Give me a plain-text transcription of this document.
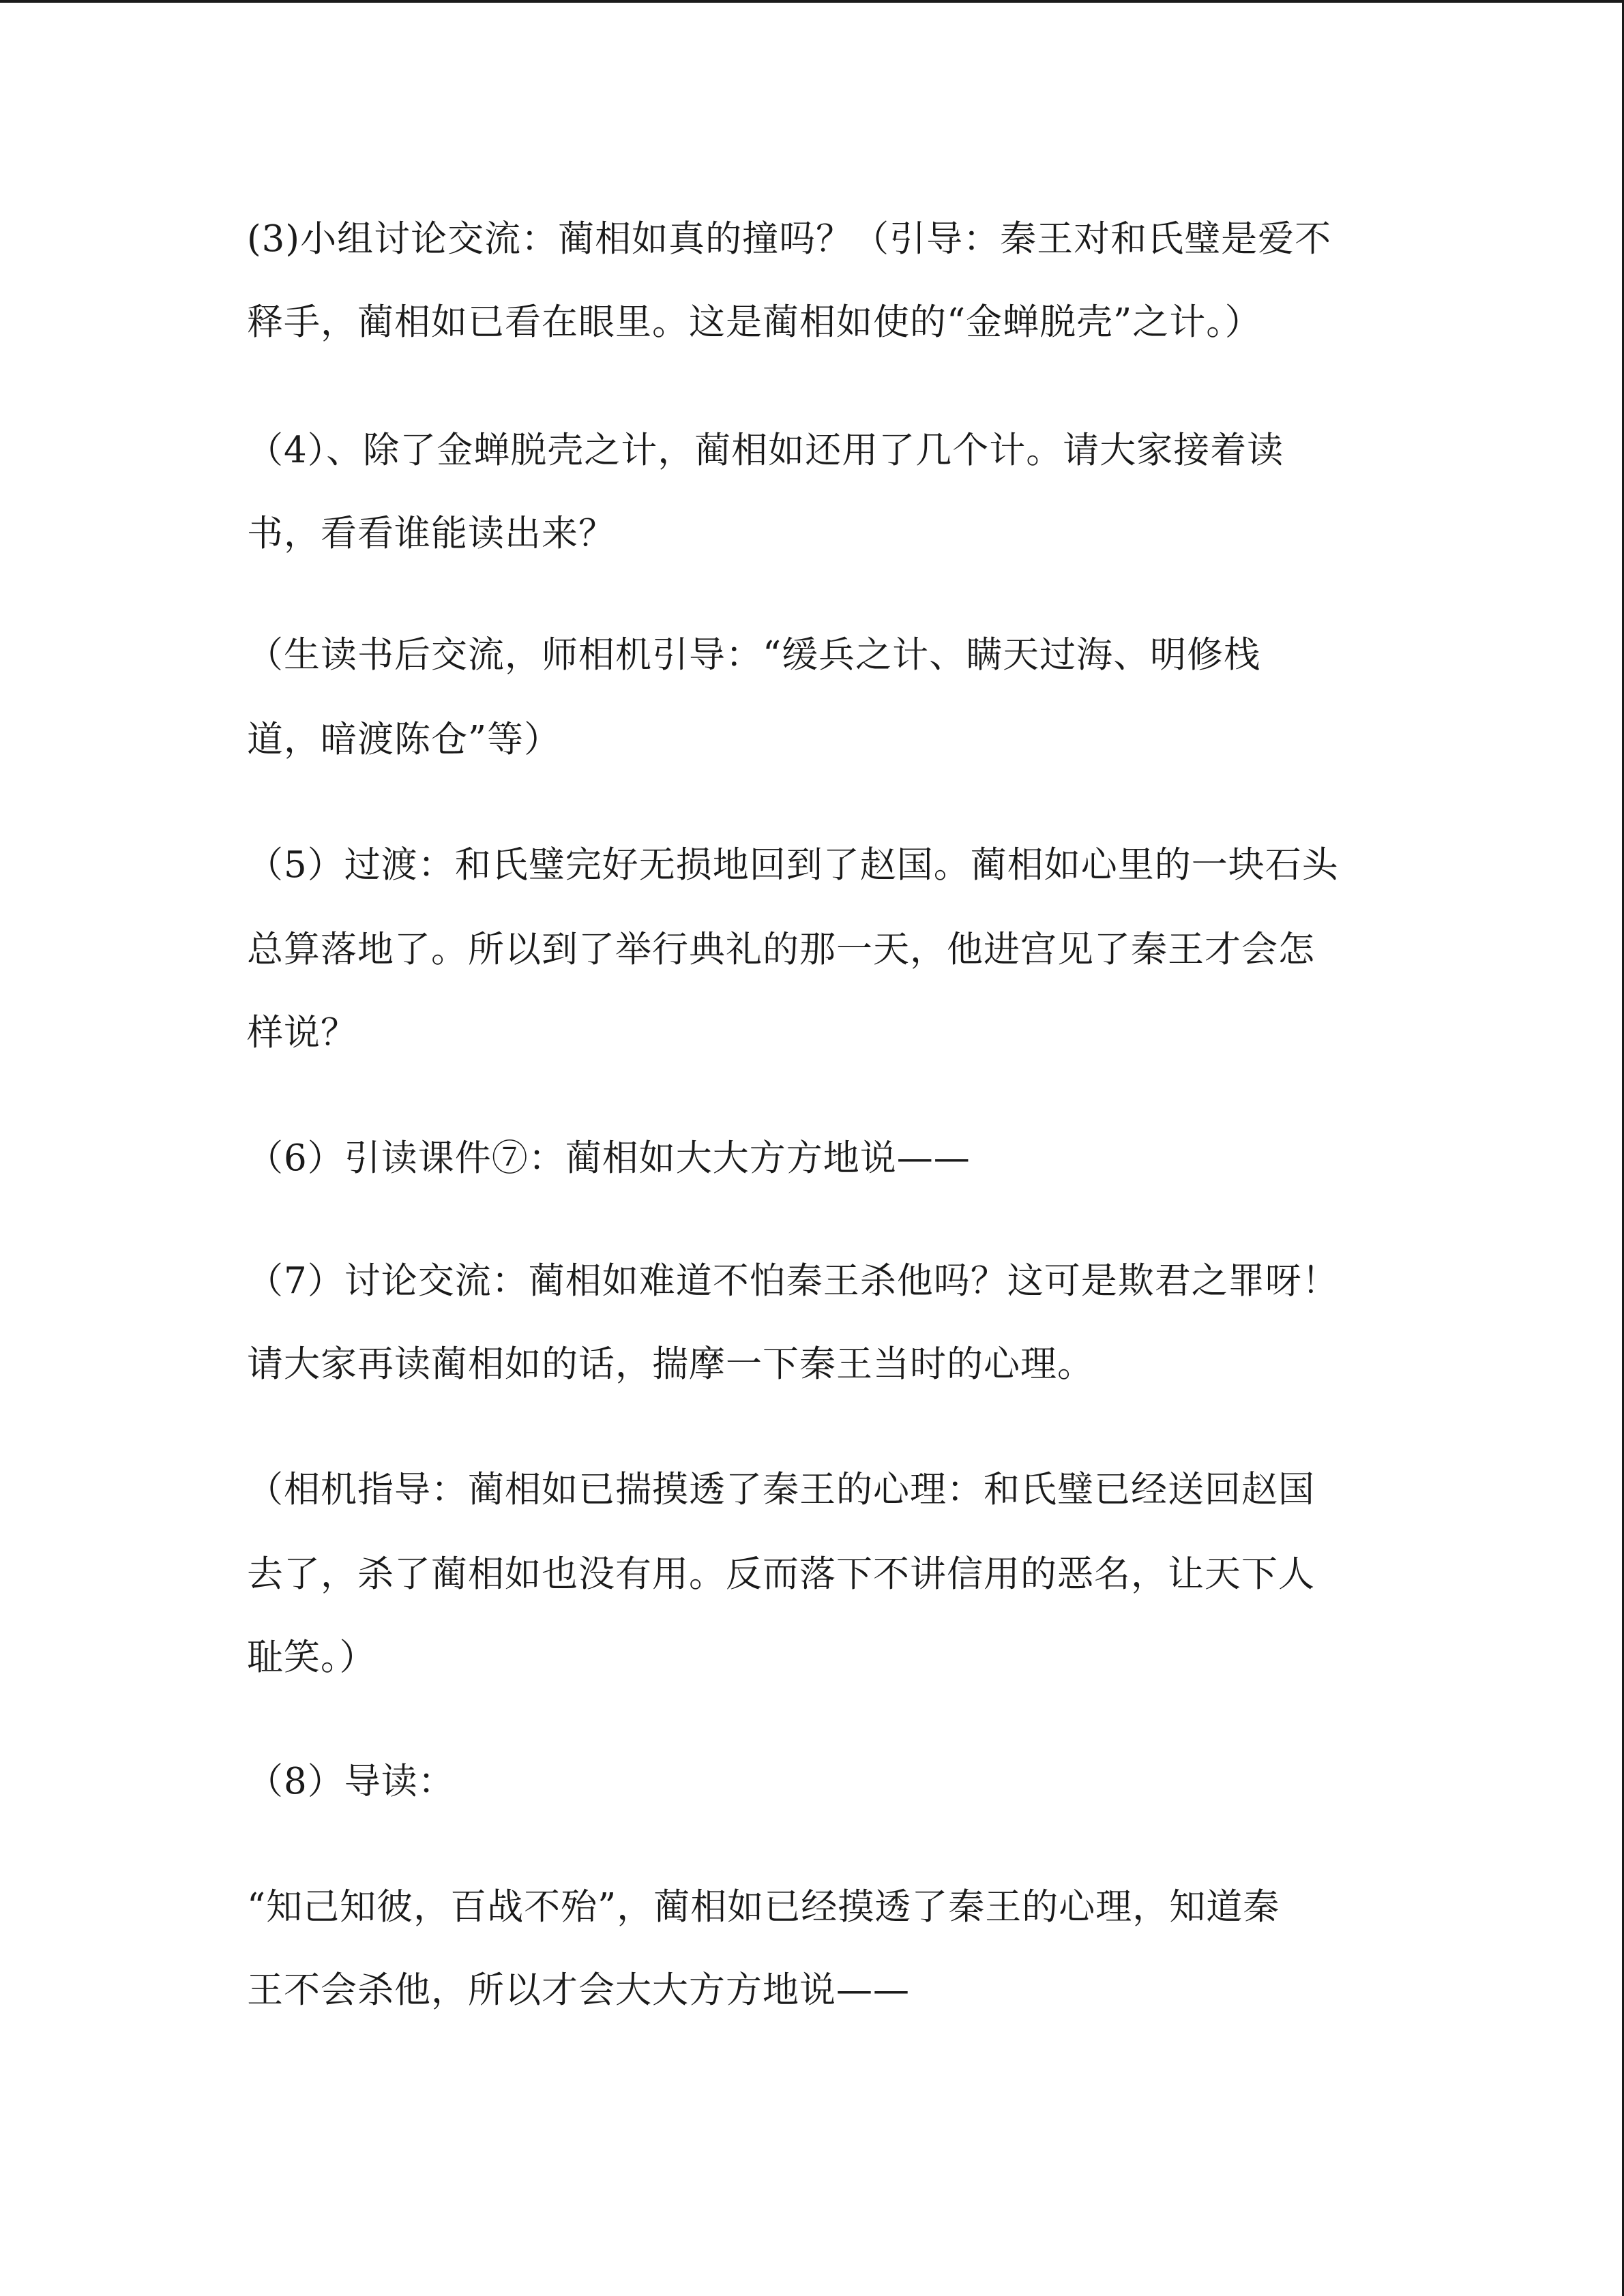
(3)小组讨论交流：蔺相如真的撞吗？（引导：秦王对和氏璧是爱不

释手，蔺相如已看在眼里。这是蔺相如使的“金蝉脱壳”之计。）

（4）、除了金蝉脱壳之计，蔺相如还用了几个计。请大家接着读

书，看看谁能读出来？

（生读书后交流，师相机引导：“缓兵之计、瞒天过海、明修栈

道，暗渡陈仓”等）

（5）过渡：和氏璧完好无损地回到了赵国。蔺相如心里的一块石头

总算落地了。所以到了举行典礼的那一天，他进宫见了秦王才会怎

样说？

（6）引读课件⑦：蔺相如大大方方地说——

（7）讨论交流：蔺相如难道不怕秦王杀他吗？这可是欺君之罪呀！

请大家再读蔺相如的话，揣摩一下秦王当时的心理。

（相机指导：蔺相如已揣摸透了秦王的心理：和氏璧已经送回赵国

去了，杀了蔺相如也没有用。反而落下不讲信用的恶名，让天下人

耻笑。）

（8）导读：

“知己知彼，百战不殆”，蔺相如已经摸透了秦王的心理，知道秦

王不会杀他，所以才会大大方方地说——
